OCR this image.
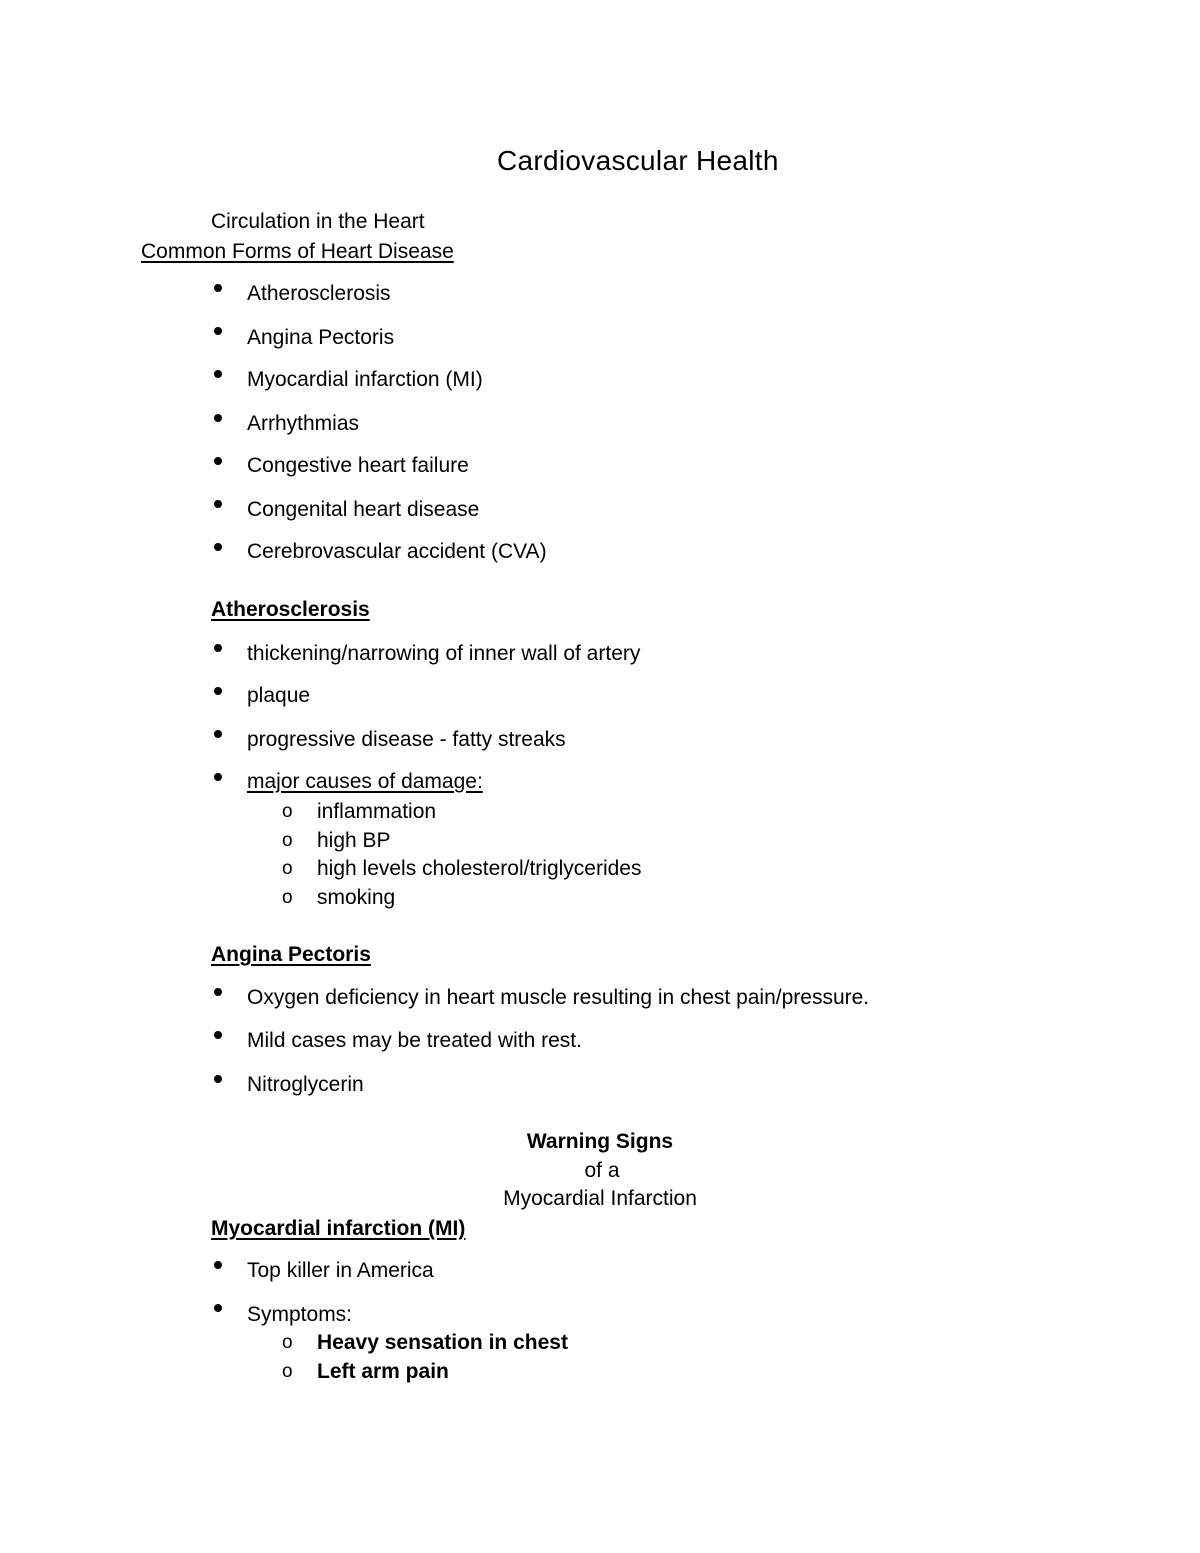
Cardiovascular Health
Circulation in the Heart
Common Forms of Heart Disease
Atherosclerosis
Angina Pectoris
Myocardial infarction (MI)
Arrhythmias
Congestive heart failure
Congenital heart disease
Cerebrovascular accident (CVA)
Atherosclerosis
thickening/narrowing of inner wall of artery
plaque
progressive disease - fatty streaks
major causes of damage:
o inflammation
o high BP
o high levels cholesterol/triglycerides
o smoking
Angina Pectoris
Oxygen deficiency in heart muscle resulting in chest pain/pressure.
Mild cases may be treated with rest.
Nitroglycerin
Warning Signs
of a
Myocardial Infarction
Myocardial infarction (MI)
Top killer in America
Symptoms:
o Heavy sensation in chest
o Left arm pain
